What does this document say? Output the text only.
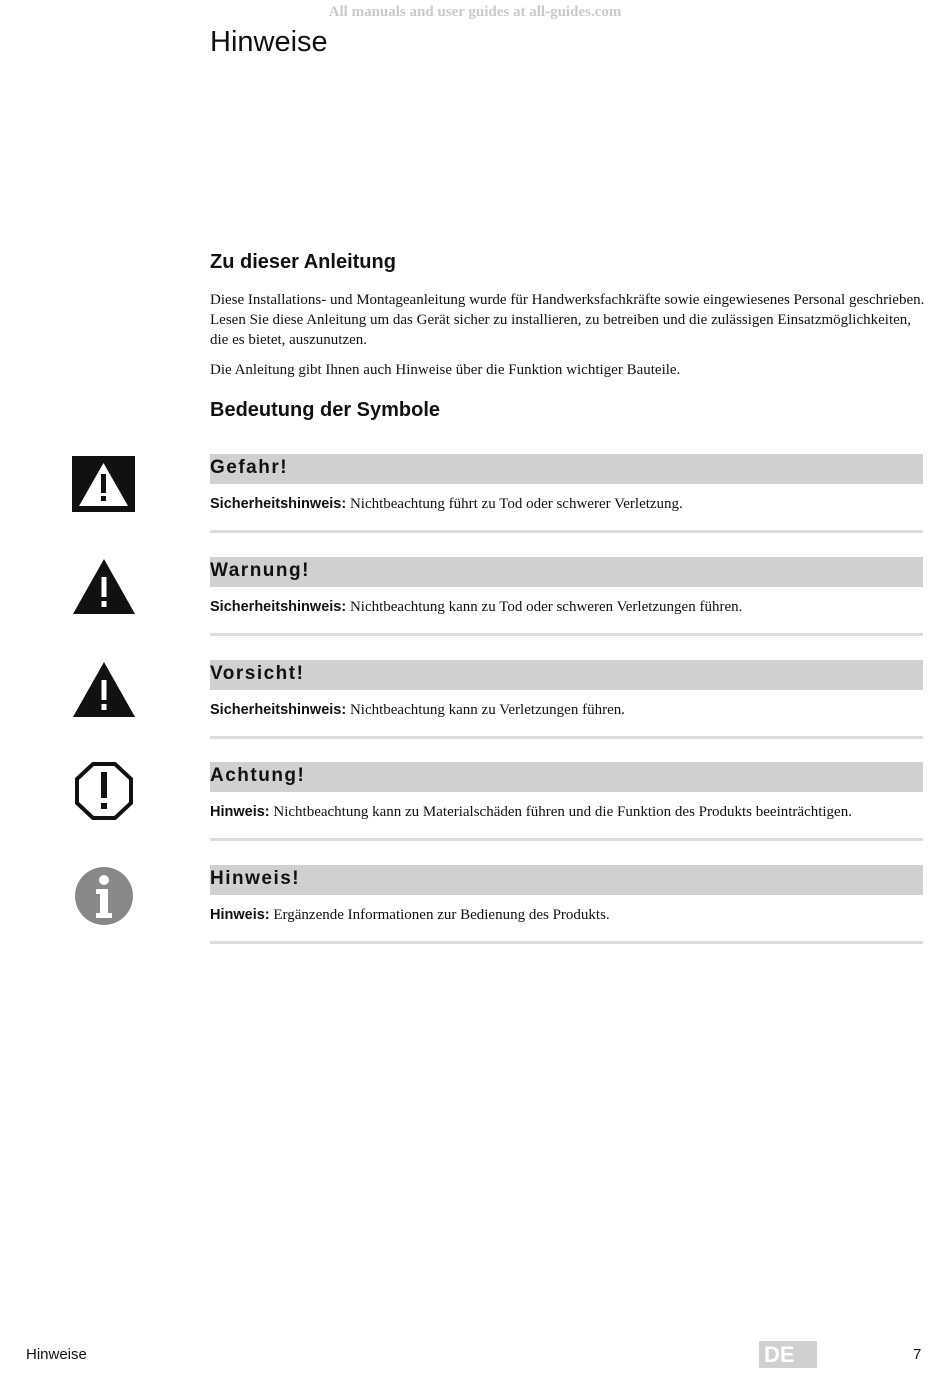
All manuals and user guides at all-guides.com
Hinweise
Zu dieser Anleitung

Diese Installations- und Montageanleitung wurde für Handwerksfachkräfte sowie eingewiesenes Personal geschrieben. Lesen Sie diese Anleitung um das Gerät sicher zu installieren, zu betreiben und die zulässigen Einsatzmöglichkeiten, die es bietet, auszunutzen.

Die Anleitung gibt Ihnen auch Hinweise über die Funktion wichtiger Bauteile.

Bedeutung der Symbole
Gefahr!
Sicherheitshinweis: Nichtbeachtung führt zu Tod oder schwerer Verletzung.
Warnung!
Sicherheitshinweis: Nichtbeachtung kann zu Tod oder schweren Verletzungen führen.
Vorsicht!
Sicherheitshinweis: Nichtbeachtung kann zu Verletzungen führen.
Achtung!
Hinweis: Nichtbeachtung kann zu Materialschäden führen und die Funktion des Produkts beeinträchtigen.
Hinweis!
Hinweis: Ergänzende Informationen zur Bedienung des Produkts.
Hinweise	DE	7
